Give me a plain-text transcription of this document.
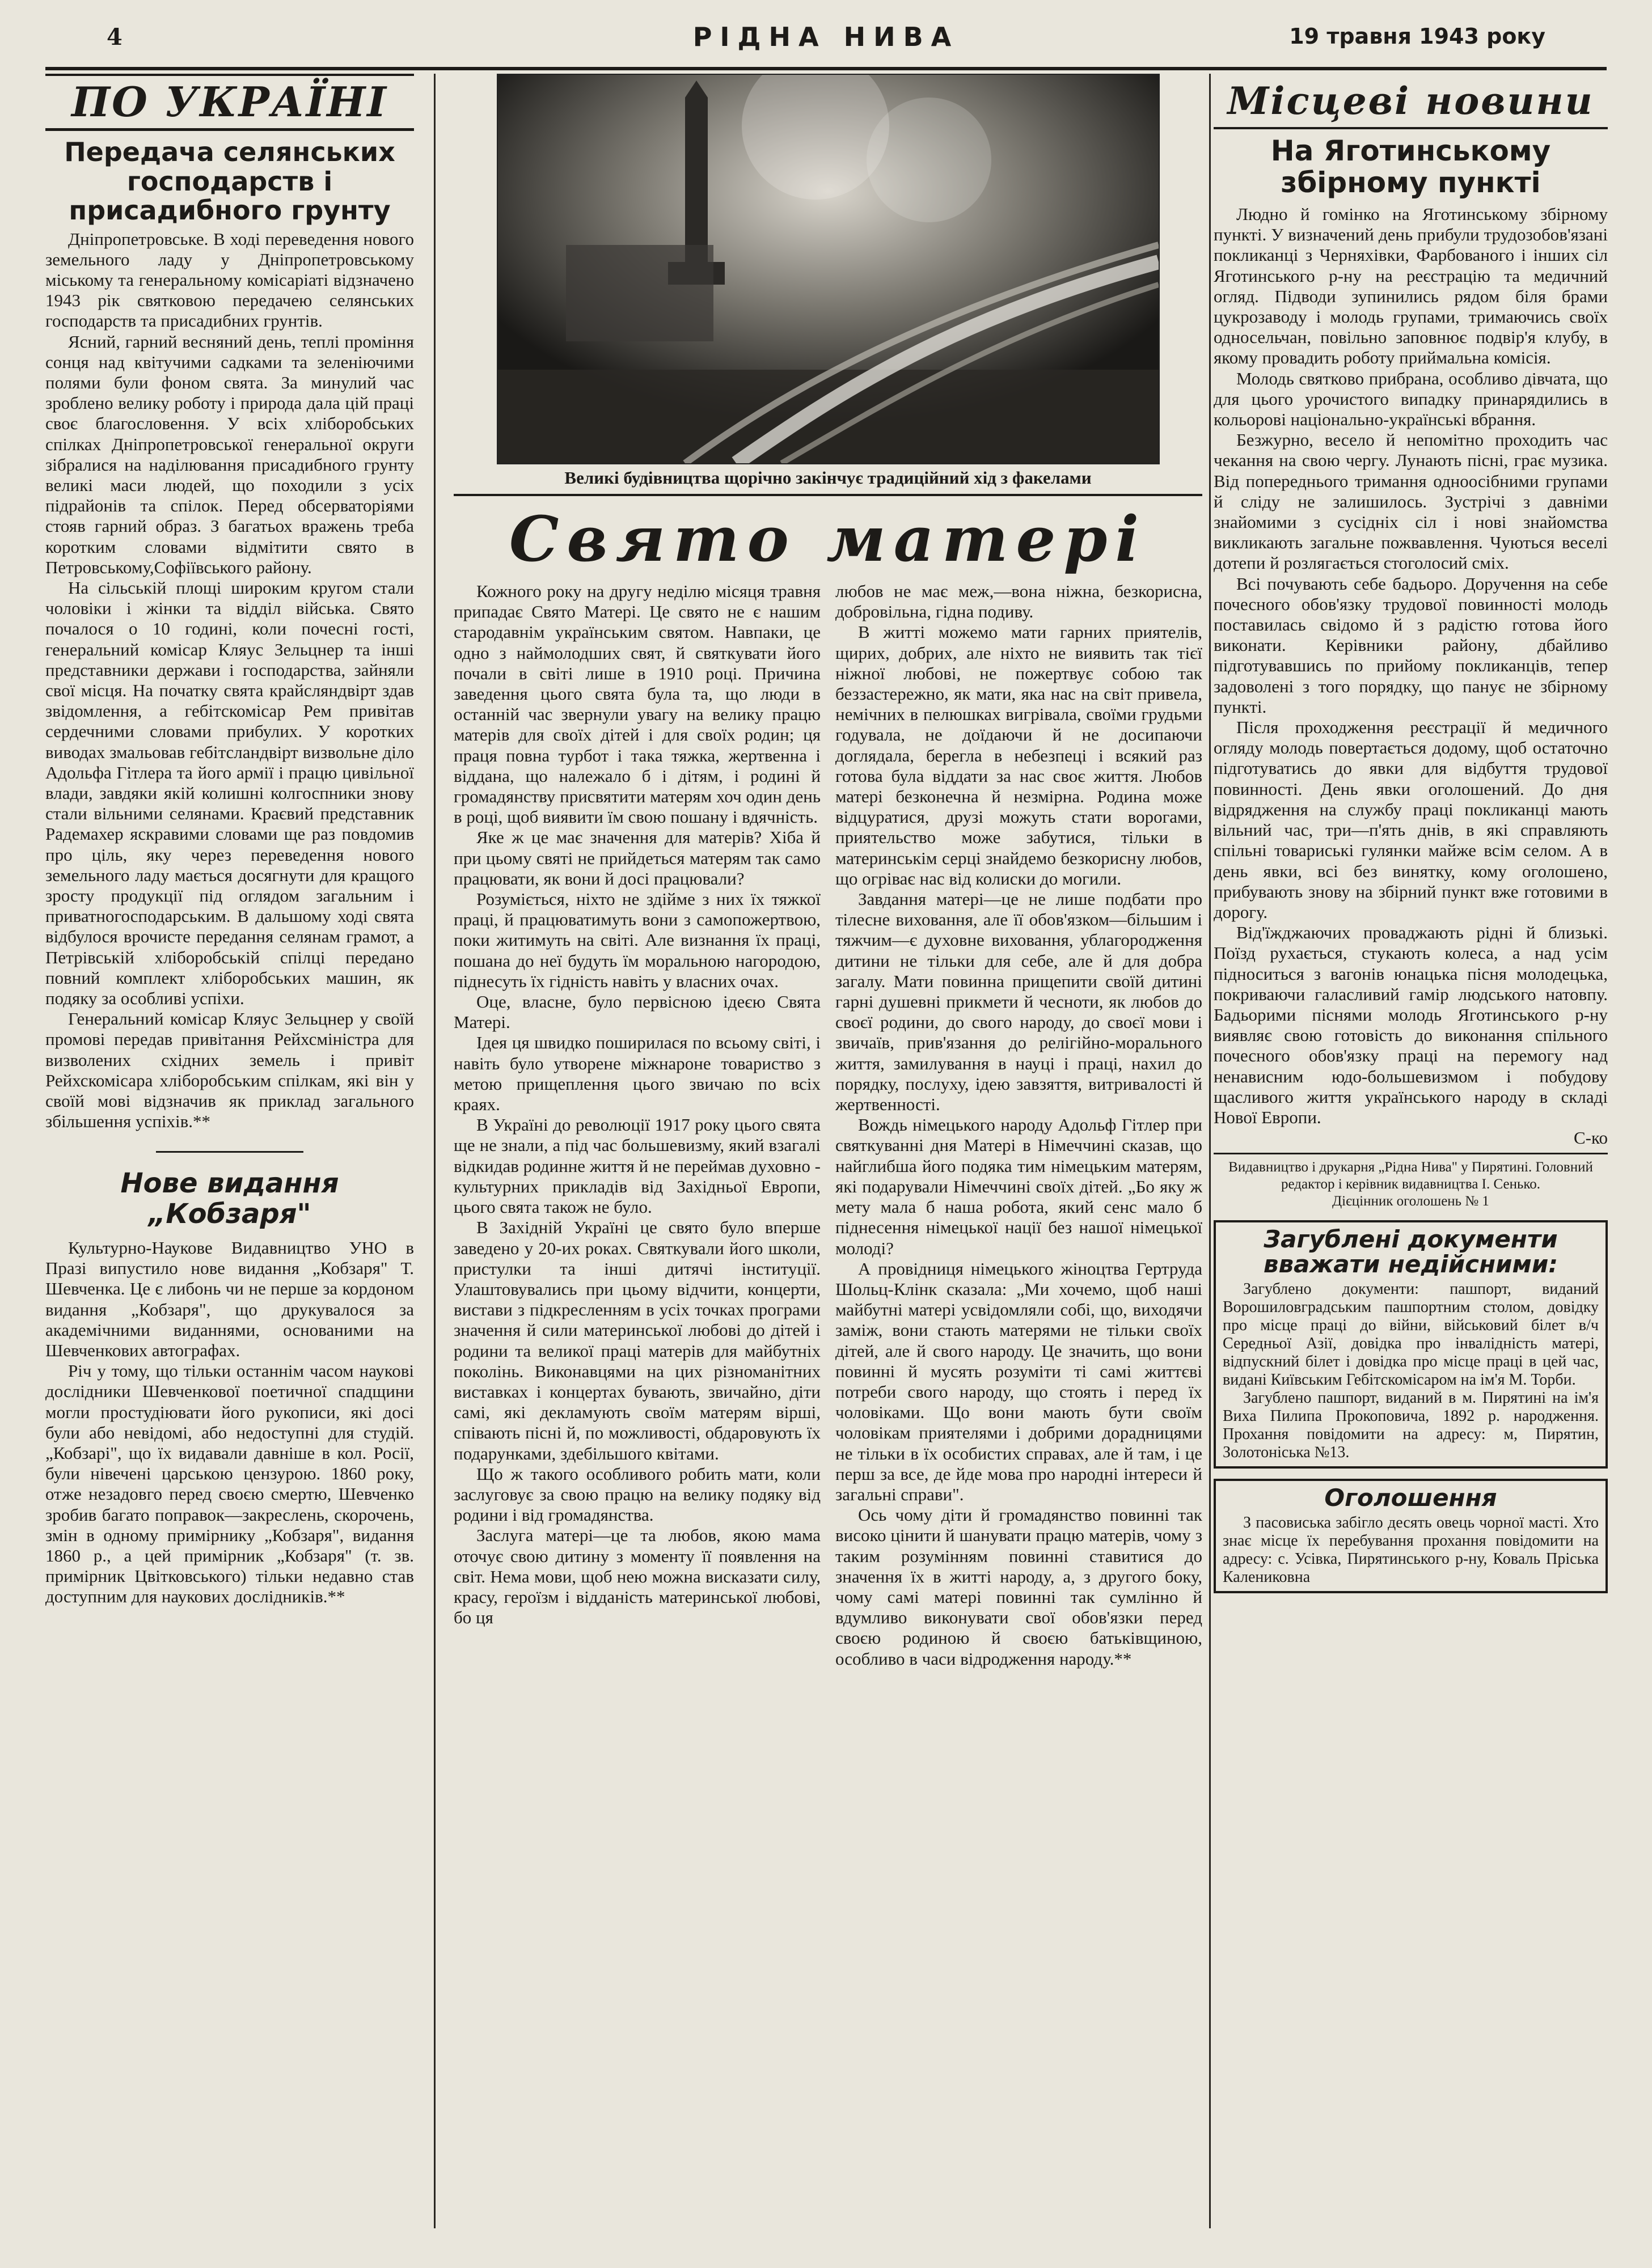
РІДНА НИВА
4	19 травня 1943 року
ПО УКРАЇНІ
Передача селянських господарств і присадибного грунту

Дніпропетровське. В ході переведення нового земельного ладу у Дніпропетровському міському та генеральному комісаріаті відзначено 1943 рік святковою передачею селянських господарств та присадибних грунтів.

Ясний, гарний весняний день, теплі проміння сонця над квітучими садками та зеленіючими полями були фоном свята. За минулий час зроблено велику роботу і природа дала цій праці своє благословення. У всіх хліборобських спілках Дніпропетровської генеральної округи зібралися на наділювання присадибного грунту великі маси людей, що походили з усіх підрайонів та спілок. Перед обсерваторіями стояв гарний образ. З багатьох вражень треба коротким словами відмітити свято в Петровському,Софіївського району.

На сільській площі широким кругом стали чоловіки і жінки та відділ війська. Свято почалося о 10 годині, коли почесні гості, генеральний комісар Кляус Зельцнер та інші представники держави і господарства, зайняли свої місця. На початку свята крайсляндвірт здав звідомлення, а гебітскомісар Рем привітав сердечними словами прибулих. У коротких виводах змальовав гебітсландвірт визвольне діло Адольфа Гітлера та його армії і працю цивільної влади, завдяки якій колишні колгоспники знову стали вільними селянами. Краєвий представник Радемахер яскравими словами ще раз повдомив про ціль, яку через переведення нового земельного ладу мається досягнути для кращого зросту продукції під оглядом загальним і приватногосподарським. В дальшому ході свята відбулося врочисте передання селянам грамот, а Петрівській хліборобській спілці передано повний комплект хліборобських машин, як подяку за особливі успіхи.

Генеральний комісар Кляус Зельцнер у своїй промові передав привітання Рейхсміністра для визволених східних земель і привіт Рейхскомісара хліборобським спілкам, які він у своїй мові відзначив як приклад загального збільшення успіхів.**

Нове видання „Кобзаря"

Культурно-Наукове Видавництво УНО в Празі випустило нове видання „Кобзаря" Т. Шевченка. Це є либонь чи не перше за кордоном видання „Кобзаря", що друкувалося за академічними виданнями, основаними на Шевченкових автографах.

Річ у тому, що тільки останнім часом наукові дослідники Шевченкової поетичної спадщини могли простудіювати його рукописи, які досі були або невідомі, або недоступні для студій. „Кобзарі", що їх видавали давніше в кол. Росії, були нівечені царською цензурою. 1860 року, отже незадовго перед своєю смертю, Шевченко зробив багато поправок—закреслень, скорочень, змін в одному примірнику „Кобзаря", видання 1860 р., а цей примірник „Кобзаря" (т. зв. примірник Цвітковського) тільки недавно став доступним для наукових дослідників.**

Великі будівництва щорічно закінчує традиційний хід з факелами
Свято матері

Кожного року на другу неділю місяця травня припадає Свято Матері. Це свято не є нашим стародавнім українським святом. Навпаки, це одно з наймолодших свят, й святкувати його почали в світі лише в 1910 році. Причина заведення цього свята була та, що люди в останній час звернули увагу на велику працю матерів для своїх дітей і для своїх родин; ця праця повна турбот і така тяжка, жертвенна і віддана, що належало б і дітям, і родині й громадянству присвятити матерям хоч один день в році, щоб виявити їм свою пошану і вдячність.

Яке ж це має значення для матерів? Хіба й при цьому святі не прийдеться матерям так само працювати, як вони й досі працювали?

Розуміється, ніхто не здійме з них їх тяжкої праці, й працюватимуть вони з самопожертвою, поки житимуть на світі. Але визнання їх праці, пошана до неї будуть їм моральною нагородою, піднесуть їх гідність навіть у власних очах.

Оце, власне, було первісною ідеєю Свята Матері.

Ідея ця швидко поширилася по всьому світі, і навіть було утворене міжнароне товариство з метою прищеплення цього звичаю по всіх краях.

В Україні до революції 1917 року цього свята ще не знали, а під час большевизму, який взагалі відкидав родинне життя й не переймав духовно - культурних прикладів від Західньої Европи, цього свята також не було.

В Західній Україні це свято було вперше заведено у 20-их роках. Святкували його школи, пристулки та інші дитячі інституції. Улаштовувались при цьому відчити, концерти, вистави з підкресленням в усіх точках програми значення й сили материнської любові до дітей і родини та великої праці матерів для майбутніх поколінь. Виконавцями на цих різноманітних виставках і концертах бувають, звичайно, діти самі, які декламують своїм матерям вірші, співають пісні й, по можливості, обдаровують їх подарунками, здебільшого квітами.

Що ж такого особливого робить мати, коли заслуговує за свою працю на велику подяку від родини і від громадянства.

Заслуга матері—це та любов, якою мама оточує свою дитину з моменту її появлення на світ. Нема мови, щоб нею можна висказати силу, красу, героїзм і відданість материнської любові, бо ця

любов не має меж,—вона ніжна, безкорисна, добровільна, гідна подиву.

В житті можемо мати гарних приятелів, щирих, добрих, але ніхто не виявить так тієї ніжної любові, не пожертвує собою так беззастережно, як мати, яка нас на світ привела, немічних в пелюшках вигрівала, своїми грудьми годувала, не доїдаючи й не досипаючи доглядала, берегла в небезпеці і всякий раз готова була віддати за нас своє життя. Любов матері безконечна й незмірна. Родина може відцуратися, друзі можуть стати ворогами, приятельство може забутися, тільки в материнськім серці знайдемо безкорисну любов, що огріває нас від колиски до могили.

Завдання матері—це не лише подбати про тілесне виховання, але її обов'язком—більшим і тяжчим—є духовне виховання, ублагородження дитини не тільки для себе, але й для добра загалу. Мати повинна прищепити своїй дитині гарні душевні прикмети й чесноти, як любов до своєї родини, до свого народу, до своєї мови і звичаїв, прив'язання до релігійно-морального життя, замилування в науці і праці, нахил до порядку, послуху, ідею завзяття, витривалості й жертвенності.

Вождь німецького народу Адольф Гітлер при святкуванні дня Матері в Німеччині сказав, що найглибша його подяка тим німецьким матерям, які подарували Німеччині своїх дітей. „Бо яку ж мету мала б наша робота, який сенс мало б піднесення німецької нації без нашої німецької молоді?

А провідниця німецького жіноцтва Гертруда Шольц-Клінк сказала: „Ми хочемо, щоб наші майбутні матері усвідомляли собі, що, виходячи заміж, вони стають матерями не тільки своїх дітей, але й свого народу. Це значить, що вони повинні й мусять розуміти ті самі життєві потреби свого народу, що стоять і перед їх чоловіками. Що вони мають бути своїм чоловікам приятелями і добрими дорадницями не тільки в їх особистих справах, але й там, і це перш за все, де йде мова про народні інтереси й загальні справи".

Ось чому діти й громадянство повинні так високо цінити й шанувати працю матерів, чому з таким розумінням повинні ставитися до значення їх в житті народу, а, з другого боку, чому самі матері повинні так сумлінно й вдумливо виконувати свої обов'язки перед своєю родиною й своєю батьківщиною, особливо в часи відродження народу.**

Місцеві новини
На Яготинському збірному пункті

Людно й гомінко на Яготинському збірному пункті. У визначений день прибули трудозобов'язані покликанці з Черняхівки, Фарбованого і інших сіл Яготинського р-ну на реєстрацію та медичний огляд. Підводи зупинились рядом біля брами цукрозаводу і молодь групами, тримаючись своїх односельчан, повільно заповнює подвір'я клубу, в якому провадить роботу приймальна комісія.

Молодь святково прибрана, особливо дівчата, що для цього урочистого випадку принарядились в кольорові національно-українські вбрання.

Безжурно, весело й непомітно проходить час чекання на свою чергу. Лунають пісні, грає музика. Від попереднього тримання одноосібними групами й сліду не залишилось. Зустрічі з давніми знайомими з сусідніх сіл і нові знайомства викликають загальне пожвавлення. Чуються веселі дотепи й розлягається стоголосий сміх.

Всі почувають себе бадьоро. Доручення на себе почесного обов'язку трудової повинності молодь поставилась свідомо й з радістю готова його виконати. Керівники району, дбайливо підготувавшись по прийому покликанців, тепер задоволені з того порядку, що панує не збірному пункті.

Після проходження реєстрації й медичного огляду молодь повертається додому, щоб остаточно підготуватись до явки для відбуття трудової повинності. День явки оголошений. До дня відрядження на службу праці покликанці мають вільний час, три—п'ять днів, в які справляють спільні товариські гулянки майже всім селом. А в день явки, всі без винятку, кому оголошено, прибувають знову на збірний пункт вже готовими в дорогу.

Від'їжджаючих проваджають рідні й близькі. Поїзд рухається, стукають колеса, а над усім підноситься з вагонів юнацька пісня молодецька, покриваючи галасливий гамір людського натовпу. Бадьорими піснями молодь Яготинського р-ну виявляє свою готовість до виконання спільного почесного обов'язку праці на перемогу над ненависним юдо-большевизмом і побудову щасливого життя українського народу в складі Нової Европи.

С-ко

Видавництво і друкарня „Рідна Нива" у Пирятині. Головний редактор і керівник видавництва І. Сенько.
Дієцінник оголошень № 1
Загублені документи вважати недійсними:

Загублено документи: пашпорт, виданий Ворошиловградським пашпортним столом, довідку про місце праці до війни, військовий білет в/ч Середньої Азії, довідка про інвалідність матері, відпускний білет і довідка про місце праці в цей час, видані Київським Гебітскомісаром на ім'я М. Торби.

Загублено пашпорт, виданий в м. Пирятині на ім'я Виха Пилипа Прокоповича, 1892 р. народження. Прохання повідомити на адресу: м, Пирятин, Золотоніська №13.

Оголошення

З пасовиська забігло десять овець чорної масті. Хто знає місце їх перебування прохання повідомити на адресу: с. Усівка, Пирятинського р-ну, Коваль Пріська Калениковна
